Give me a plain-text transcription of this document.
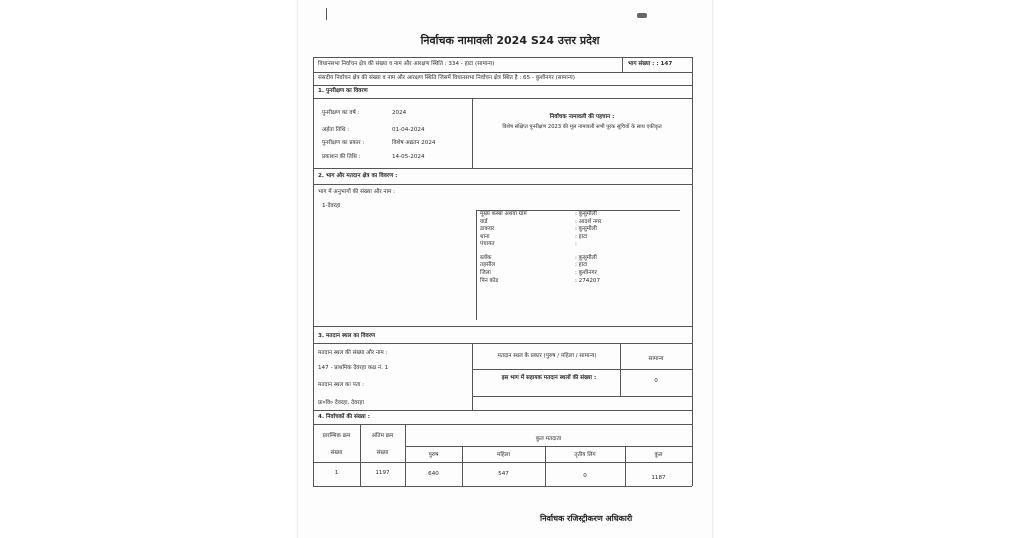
निर्वाचक नामावली 2024 S24 उत्तर प्रदेश
विधानसभा निर्वाचन क्षेत्र की संख्या व नाम और आरक्षण स्थिति : 334 - हाटा (सामान्य)	भाग संख्या : : 147
संसदीय निर्वाचन क्षेत्र की संख्या व नाम और आरक्षण स्थिति जिसमें विधानसभा निर्वाचन क्षेत्र स्थित है : 65 - कुशीनगर (सामान्य)
1. पुनरीक्षण का विवरण
पुनरीक्षण का वर्ष :	2024
अर्हता तिथि :	01-04-2024
पुनरीक्षण का प्रकार :	विशेष अद्यतन 2024
प्रकाशन की तिथि :	14-05-2024
निर्वाचक नामावली की पहचान :
विशेष संक्षिप्त पुनरीक्षण 2023 की मूल नामावली सभी पूरक सूचियों के साथ एकीकृत
2. भाग और मतदान क्षेत्र का विवरण :
भाग में अनुभागों की संख्या और नाम :
1-देवरहा
मुख्य कस्बा अथवा ग्राम	: कुसुमौली
वार्ड	: आदर्श नगर
डाकघर	: कुसुमौली
थाना	: हाटा
पंचायत	:
ब्लॉक	: कुसुमौली
तहसील	: हाटा
जिला	: कुशीनगर
पिन कोड	: 274207
3. मतदान स्थल का विवरण
मतदान स्थल की संख्या और नाम :
147 - प्राथमिक देवरहा कक्ष नं. 1
मतदान स्थल का पता :
प्रा०वि० देवरहा, देवरहा
मतदान स्थल के प्रकार (पुरुष / महिला / सामान्य)	सामान्य
इस भाग में सहायक मतदान स्थलों की संख्या :	0
4. निर्वाचकों की संख्या :
प्रारम्भिक क्रम
संख्या
अंतिम क्रम
संख्या
कुल मतदाता
पुरुष	महिला	तृतीय लिंग	कुल
1	1197	640	547	0	1187
निर्वाचक रजिस्ट्रीकरण अधिकारी
